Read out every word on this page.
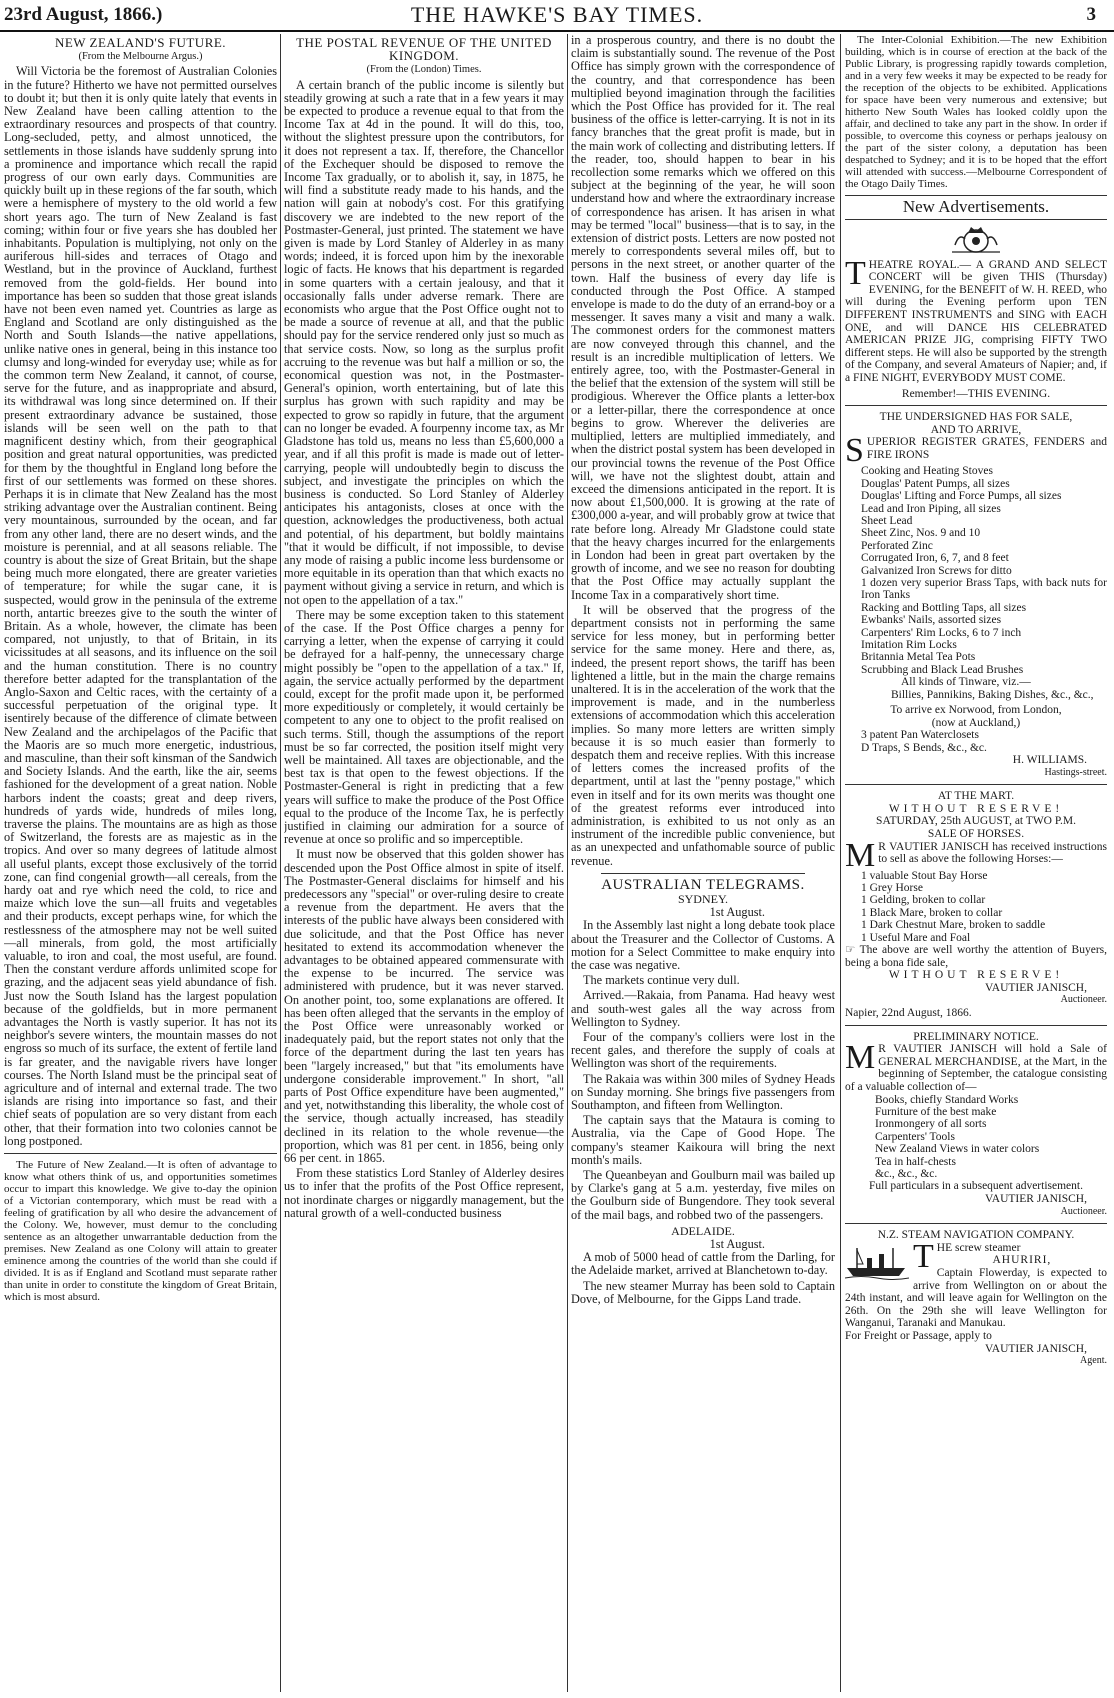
23rd August, 1866.)	THE HAWKE'S BAY TIMES.	3
NEW ZEALAND'S FUTURE.
(From the Melbourne Argus.)

Will Victoria be the foremost of Australian Colonies in the future? Hitherto we have not permitted ourselves to doubt it; but then it is only quite lately that events in New Zealand have been calling attention to the extraordinary resources and prospects of that country. Long-secluded, petty, and almost unnoticed, the settlements in those islands have suddenly sprung into a prominence and importance which recall the rapid progress of our own early days. Communities are quickly built up in these regions of the far south, which were a hemisphere of mystery to the old world a few short years ago. The turn of New Zealand is fast coming; within four or five years she has doubled her inhabitants. Population is multiplying, not only on the auriferous hill-sides and terraces of Otago and Westland, but in the province of Auckland, furthest removed from the gold-fields. Her bound into importance has been so sudden that those great islands have not been even named yet. Countries as large as England and Scotland are only distinguished as the North and South Islands—the native appellations, unlike native ones in general, being in this instance too clumsy and long-winded for everyday use; while as for the common term New Zealand, it cannot, of course, serve for the future, and as inappropriate and absurd, its withdrawal was long since determined on. If their present extraordinary advance be sustained, those islands will be seen well on the path to that magnificent destiny which, from their geographical position and great natural opportunities, was predicted for them by the thoughtful in England long before the first of our settlements was formed on these shores. Perhaps it is in climate that New Zealand has the most striking advantage over the Australian continent. Being very mountainous, surrounded by the ocean, and far from any other land, there are no desert winds, and the moisture is perennial, and at all seasons reliable. The country is about the size of Great Britain, but the shape being much more elongated, there are greater varieties of temperature; for while the sugar cane, it is suspected, would grow in the peninsula of the extreme north, antartic breezes give to the south the winter of Britain. As a whole, however, the climate has been compared, not unjustly, to that of Britain, in its vicissitudes at all seasons, and its influence on the soil and the human constitution. There is no country therefore better adapted for the transplantation of the Anglo-Saxon and Celtic races, with the certainty of a successful perpetuation of the original type. It isentirely because of the difference of climate between New Zealand and the archipelagos of the Pacific that the Maoris are so much more energetic, industrious, and masculine, than their soft kinsman of the Sandwich and Society Islands. And the earth, like the air, seems fashioned for the development of a great nation. Noble harbors indent the coasts; great and deep rivers, hundreds of yards wide, hundreds of miles long, traverse the plains. The mountains are as high as those of Switzerland, the forests are as majestic as in the tropics. And over so many degrees of latitude almost all useful plants, except those exclusively of the torrid zone, can find congenial growth—all cereals, from the hardy oat and rye which need the cold, to rice and maize which love the sun—all fruits and vegetables and their products, except perhaps wine, for which the restlessness of the atmosphere may not be well suited—all minerals, from gold, the most artificially valuable, to iron and coal, the most useful, are found. Then the constant verdure affords unlimited scope for grazing, and the adjacent seas yield abundance of fish. Just now the South Island has the largest population because of the goldfields, but in more permanent advantages the North is vastly superior. It has not its neighbor's severe winters, the mountain masses do not engross so much of its surface, the extent of fertile land is far greater, and the navigable rivers have longer courses. The North Island must be the principal seat of agriculture and of internal and external trade. The two islands are rising into importance so fast, and their chief seats of population are so very distant from each other, that their formation into two colonies cannot be long postponed.

The Future of New Zealand.—It is often of advantage to know what others think of us, and opportunities sometimes occur to impart this knowledge. We give to-day the opinion of a Victorian contemporary, which must be read with a feeling of gratification by all who desire the advancement of the Colony. We, however, must demur to the concluding sentence as an altogether unwarrantable deduction from the premises. New Zealand as one Colony will attain to greater eminence among the countries of the world than she could if divided. It is as if England and Scotland must separate rather than unite in order to constitute the kingdom of Great Britain, which is most absurd.

THE POSTAL REVENUE OF THE UNITED KINGDOM.
(From the (London) Times.

A certain branch of the public income is silently but steadily growing at such a rate that in a few years it may be expected to produce a revenue equal to that from the Income Tax at 4d in the pound. It will do this, too, without the slightest pressure upon the contributors, for it does not represent a tax. If, therefore, the Chancellor of the Exchequer should be disposed to remove the Income Tax gradually, or to abolish it, say, in 1875, he will find a substitute ready made to his hands, and the nation will gain at nobody's cost. For this gratifying discovery we are indebted to the new report of the Postmaster-General, just printed. The statement we have given is made by Lord Stanley of Alderley in as many words; indeed, it is forced upon him by the inexorable logic of facts. He knows that his department is regarded in some quarters with a certain jealousy, and that it occasionally falls under adverse remark. There are economists who argue that the Post Office ought not to be made a source of revenue at all, and that the public should pay for the service rendered only just so much as that service costs. Now, so long as the surplus profit accruing to the revenue was but half a million or so, the economical question was not, in the Postmaster-General's opinion, worth entertaining, but of late this surplus has grown with such rapidity and may be expected to grow so rapidly in future, that the argument can no longer be evaded. A fourpenny income tax, as Mr Gladstone has told us, means no less than £5,600,000 a year, and if all this profit is made is made out of letter-carrying, people will undoubtedly begin to discuss the subject, and investigate the principles on which the business is conducted. So Lord Stanley of Alderley anticipates his antagonists, closes at once with the question, acknowledges the productiveness, both actual and potential, of his department, but boldly maintains "that it would be difficult, if not impossible, to devise any mode of raising a public income less burdensome or more equitable in its operation than that which exacts no payment without giving a service in return, and which is not open to the appellation of a tax."

There may be some exception taken to this statement of the case. If the Post Office charges a penny for carrying a letter, when the expense of carrying it could be defrayed for a half-penny, the unnecessary charge might possibly be "open to the appellation of a tax." If, again, the service actually performed by the department could, except for the profit made upon it, be performed more expeditiously or completely, it would certainly be competent to any one to object to the profit realised on such terms. Still, though the assumptions of the report must be so far corrected, the position itself might very well be maintained. All taxes are objectionable, and the best tax is that open to the fewest objections. If the Postmaster-General is right in predicting that a few years will suffice to make the produce of the Post Office equal to the produce of the Income Tax, he is perfectly justified in claiming our admiration for a source of revenue at once so prolific and so imperceptible.

It must now be observed that this golden shower has descended upon the Post Office almost in spite of itself. The Postmaster-General disclaims for himself and his predecessors any "special" or over-ruling desire to create a revenue from the department. He avers that the interests of the public have always been considered with due solicitude, and that the Post Office has never hesitated to extend its accommodation whenever the advantages to be obtained appeared commensurate with the expense to be incurred. The service was administered with prudence, but it was never starved. On another point, too, some explanations are offered. It has been often alleged that the servants in the employ of the Post Office were unreasonably worked or inadequately paid, but the report states not only that the force of the department during the last ten years has been "largely increased," but that "its emoluments have undergone considerable improvement." In short, "all parts of Post Office expenditure have been augmented," and yet, notwithstanding this liberality, the whole cost of the service, though actually increased, has steadily declined in its relation to the whole revenue—the proportion, which was 81 per cent. in 1856, being only 66 per cent. in 1865.

From these statistics Lord Stanley of Alderley desires us to infer that the profits of the Post Office represent, not inordinate charges or niggardly management, but the natural growth of a well-conducted business

in a prosperous country, and there is no doubt the claim is substantially sound. The revenue of the Post Office has simply grown with the correspondence of the country, and that correspondence has been multiplied beyond imagination through the facilities which the Post Office has provided for it. The real business of the office is letter-carrying. It is not in its fancy branches that the great profit is made, but in the main work of collecting and distributing letters. If the reader, too, should happen to bear in his recollection some remarks which we offered on this subject at the beginning of the year, he will soon understand how and where the extraordinary increase of correspondence has arisen. It has arisen in what may be termed "local" business—that is to say, in the extension of district posts. Letters are now posted not merely to correspondents several miles off, but to persons in the next street, or another quarter of the town. Half the business of every day life is conducted through the Post Office. A stamped envelope is made to do the duty of an errand-boy or a messenger. It saves many a visit and many a walk. The commonest orders for the commonest matters are now conveyed through this channel, and the result is an incredible multiplication of letters. We entirely agree, too, with the Postmaster-General in the belief that the extension of the system will still be prodigious. Wherever the Office plants a letter-box or a letter-pillar, there the correspondence at once begins to grow. Wherever the deliveries are multiplied, letters are multiplied immediately, and when the district postal system has been developed in our provincial towns the revenue of the Post Office will, we have not the slightest doubt, attain and exceed the dimensions anticipated in the report. It is now about £1,500,000. It is growing at the rate of £300,000 a-year, and will probably grow at twice that rate before long. Already Mr Gladstone could state that the heavy charges incurred for the enlargements in London had been in great part overtaken by the growth of income, and we see no reason for doubting that the Post Office may actually supplant the Income Tax in a comparatively short time.

It will be observed that the progress of the department consists not in performing the same service for less money, but in performing better service for the same money. Here and there, as, indeed, the present report shows, the tariff has been lightened a little, but in the main the charge remains unaltered. It is in the acceleration of the work that the improvement is made, and in the numberless extensions of accommodation which this acceleration implies. So many more letters are written simply because it is so much easier than formerly to despatch them and receive replies. With this increase of letters comes the increased profits of the department, until at last the "penny postage," which even in itself and for its own merits was thought one of the greatest reforms ever introduced into administration, is exhibited to us not only as an instrument of the incredible public convenience, but as an unexpected and unfathomable source of public revenue.

AUSTRALIAN TELEGRAMS.
SYDNEY.
1st August.

In the Assembly last night a long debate took place about the Treasurer and the Collector of Customs. A motion for a Select Committee to make enquiry into the case was negative.

The markets continue very dull.

Arrived.—Rakaia, from Panama. Had heavy west and south-west gales all the way across from Wellington to Sydney.

Four of the company's colliers were lost in the recent gales, and therefore the supply of coals at Wellington was short of the requirements.

The Rakaia was within 300 miles of Sydney Heads on Sunday morning. She brings five passengers from Southampton, and fifteen from Wellington.

The captain says that the Mataura is coming to Australia, via the Cape of Good Hope. The company's steamer Kaikoura will bring the next month's mails.

The Queanbeyan and Goulburn mail was bailed up by Clarke's gang at 5 a.m. yesterday, five miles on the Goulburn side of Bungendore. They took several of the mail bags, and robbed two of the passengers.

ADELAIDE.
1st August.

A mob of 5000 head of cattle from the Darling, for the Adelaide market, arrived at Blanchetown to-day.

The new steamer Murray has been sold to Captain Dove, of Melbourne, for the Gipps Land trade.

The Inter-Colonial Exhibition.—The new Exhibition building, which is in course of erection at the back of the Public Library, is progressing rapidly towards completion, and in a very few weeks it may be expected to be ready for the reception of the objects to be exhibited. Applications for space have been very numerous and extensive; but hitherto New South Wales has looked coldly upon the affair, and declined to take any part in the show. In order if possible, to overcome this coyness or perhaps jealousy on the part of the sister colony, a deputation has been despatched to Sydney; and it is to be hoped that the effort will attended with success.—Melbourne Correspondent of the Otago Daily Times.

New Advertisements.
THEATRE ROYAL.— A GRAND AND SELECT CONCERT will be given THIS (Thursday) EVENING, for the BENEFIT of W. H. REED, who will during the Evening perform upon TEN DIFFERENT INSTRUMENTS and SING with EACH ONE, and will DANCE HIS CELEBRATED AMERICAN PRIZE JIG, comprising FIFTY TWO different steps. He will also be supported by the strength of the Company, and several Amateurs of Napier; and, if a FINE NIGHT, EVERYBODY MUST COME.
Remember!—THIS EVENING.
THE UNDERSIGNED HAS FOR SALE,
AND TO ARRIVE,
SUPERIOR REGISTER GRATES, FENDERS and FIRE IRONS
Cooking and Heating Stoves
Douglas' Patent Pumps, all sizes
Douglas' Lifting and Force Pumps, all sizes
Lead and Iron Piping, all sizes
Sheet Lead
Sheet Zinc, Nos. 9 and 10
Perforated Zinc
Corrugated Iron, 6, 7, and 8 feet
Galvanized Iron Screws for ditto
1 dozen very superior Brass Taps, with back nuts for Iron Tanks
Racking and Bottling Taps, all sizes
Ewbanks' Nails, assorted sizes
Carpenters' Rim Locks, 6 to 7 inch
Imitation Rim Locks
Britannia Metal Tea Pots
Scrubbing and Black Lead Brushes
All kinds of Tinware, viz.—
Billies, Pannikins, Baking Dishes, &c., &c.,
To arrive ex Norwood, from London,
(now at Auckland,)
3 patent Pan Waterclosets
D Traps, S Bends, &c., &c.
H. WILLIAMS.
Hastings-street.
AT THE MART.
WITHOUT RESERVE!
SATURDAY, 25th AUGUST, at TWO P.M.
SALE OF HORSES.
M R VAUTIER JANISCH has received instructions to sell as above the following Horses:—
1 valuable Stout Bay Horse
1 Grey Horse
1 Gelding, broken to collar
1 Black Mare, broken to collar
1 Dark Chestnut Mare, broken to saddle
1 Useful Mare and Foal
☞ The above are well worthy the attention of Buyers, being a bona fide sale,
WITHOUT RESERVE!
VAUTIER JANISCH,
Auctioneer.
Napier, 22nd August, 1866.
PRELIMINARY NOTICE.
M R VAUTIER JANISCH will hold a Sale of GENERAL MERCHANDISE, at the Mart, in the beginning of September, the catalogue consisting of a valuable collection of—
Books, chiefly Standard Works
Furniture of the best make
Ironmongery of all sorts
Carpenters' Tools
New Zealand Views in water colors
Tea in half-chests
&c., &c., &c.
Full particulars in a subsequent advertisement.
VAUTIER JANISCH,
Auctioneer.
N.Z. STEAM NAVIGATION COMPANY.
THE screw steamer
AHURIRI,
Captain Flowerday, is expected to arrive from Wellington on or about the 24th instant, and will leave again for Wellington on the 26th. On the 29th she will leave Wellington for Wanganui, Taranaki and Manukau.
For Freight or Passage, apply to
VAUTIER JANISCH,
Agent.
